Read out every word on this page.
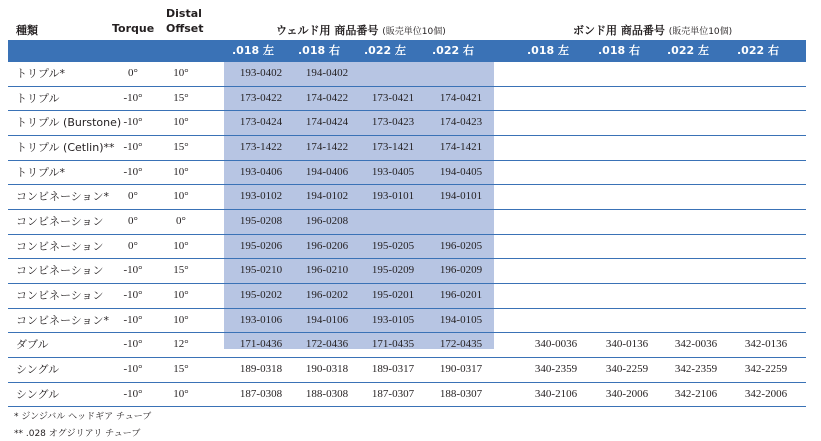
種類	Torque
Distal
Offset	ウェルド用 商品番号 (販売単位10個)	ボンド用 商品番号 (販売単位10個)
.018 左	.018 右	.022 左	.022 右	.018 左	.018 右	.022 左	.022 右
トリプル*	0°	10°	193-0402	194-0402
トリプル	-10°	15°	173-0422	174-0422	173-0421	174-0421
トリプル (Burstone) -10°	10°	173-0424	174-0424	173-0423	174-0423
トリプル (Cetlin)** -10°	15°	173-1422	174-1422	173-1421	174-1421
トリプル*	-10°	10°	193-0406	194-0406	193-0405	194-0405
コンビネーション*	0°	10°	193-0102	194-0102	193-0101	194-0101
コンビネーション	0°	0°	195-0208	196-0208
コンビネーション	0°	10°	195-0206	196-0206	195-0205	196-0205
コンビネーション	-10°	15°	195-0210	196-0210	195-0209	196-0209
コンビネーション	-10°	10°	195-0202	196-0202	195-0201	196-0201
コンビネーション*	-10°	10°	193-0106	194-0106	193-0105	194-0105
ダブル	-10°	12°	171-0436	172-0436	171-0435	172-0435	340-0036	340-0136	342-0036	342-0136
シングル	-10°	15°	189-0318	190-0318	189-0317	190-0317	340-2359	340-2259	342-2359	342-2259
シングル	-10°	10°	187-0308	188-0308	187-0307	188-0307	340-2106	340-2006	342-2106	342-2006
* ジンジバル ヘッドギア チューブ
** .028 オグジリアリ チューブ
